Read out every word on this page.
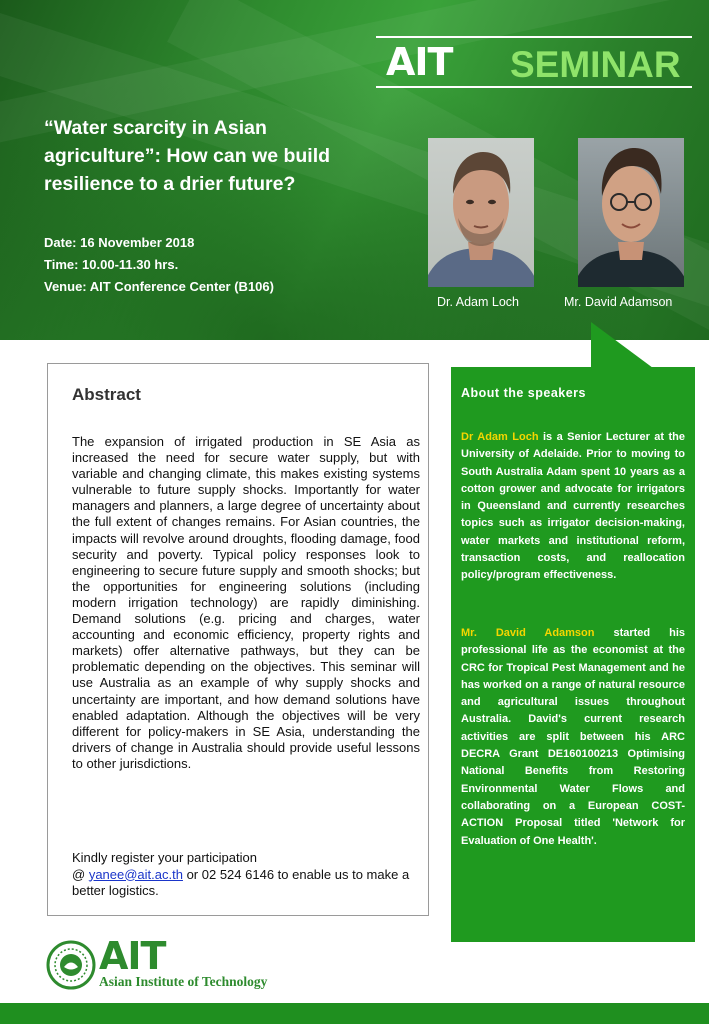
AIT SEMINAR
“Water scarcity in Asian
agriculture”: How can we build
resilience to a drier future?
Date: 16 November 2018
Time: 10.00-11.30 hrs.
Venue: AIT Conference Center (B106)
Dr. Adam Loch	Mr. David Adamson
Abstract
The expansion of irrigated production in SE Asia as increased the need for secure water supply, but with variable and changing climate, this makes existing systems vulnerable to future supply shocks. Importantly for water managers and planners, a large degree of uncertainty about the full extent of changes remains. For Asian countries, the impacts will revolve around droughts, flooding damage, food security and poverty. Typical policy responses look to engineering to secure future supply and smooth shocks; but the opportunities for engineering solutions (including modern irrigation technology) are rapidly diminishing. Demand solutions (e.g. pricing and charges, water accounting and economic efficiency, property rights and markets) offer alternative pathways, but they can be problematic depending on the objectives. This seminar will use Australia as an example of why supply shocks and uncertainty are important, and how demand solutions have enabled adaptation. Although the objectives will be very different for policy-makers in SE Asia, understanding the drivers of change in Australia should provide useful lessons to other jurisdictions.
Kindly register your participation
@ yanee@ait.ac.th or 02 524 6146 to enable us to make a better logistics.
About the speakers
Dr Adam Loch is a Senior Lecturer at the University of Adelaide. Prior to moving to South Australia Adam spent 10 years as a cotton grower and advocate for irrigators in Queensland and currently researches topics such as irrigator decision-making, water markets and institutional reform, transaction costs, and reallocation policy/program effectiveness.
Mr. David Adamson started his professional life as the economist at the CRC for Tropical Pest Management and he has worked on a range of natural resource and agricultural issues throughout Australia. David's current research activities are split between his ARC DECRA Grant DE160100213 Optimising National Benefits from Restoring Environmental Water Flows and collaborating on a European COST-ACTION Proposal titled 'Network for Evaluation of One Health'.
AIT
Asian Institute of Technology
